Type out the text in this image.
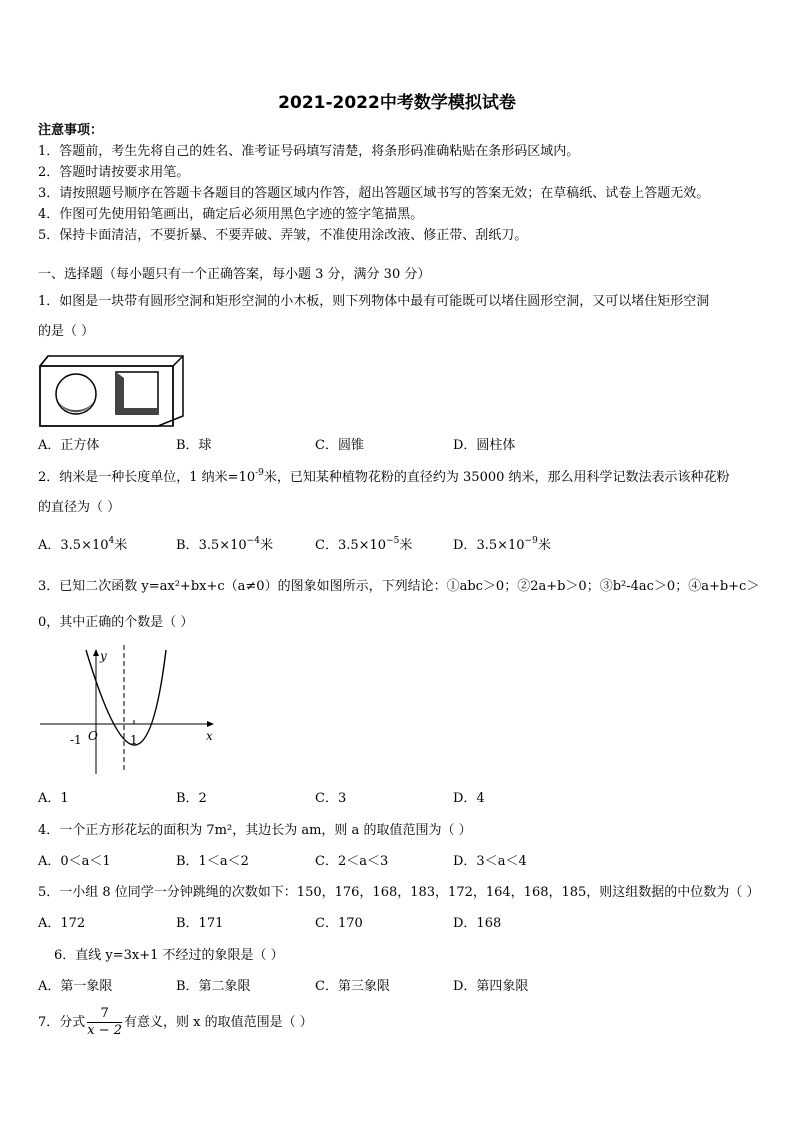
2021-2022中考数学模拟试卷
注意事项：
1．答题前，考生先将自己的姓名、准考证号码填写清楚，将条形码准确粘贴在条形码区域内。
2．答题时请按要求用笔。
3．请按照题号顺序在答题卡各题目的答题区域内作答，超出答题区域书写的答案无效；在草稿纸、试卷上答题无效。
4．作图可先使用铅笔画出，确定后必须用黑色字迹的签字笔描黑。
5．保持卡面清洁，不要折暴、不要弄破、弄皱，不准使用涂改液、修正带、刮纸刀。
一、选择题（每小题只有一个正确答案，每小题 3 分，满分 30 分）
1．如图是一块带有圆形空洞和矩形空洞的小木板，则下列物体中最有可能既可以堵住圆形空洞，又可以堵住矩形空洞
的是（ ）
A．正方体	B．球	C．圆锥	D．圆柱体
2．纳米是一种长度单位，1 纳米$=10^{-9}$米，已知某种植物花粉的直径约为 35000 纳米，那么用科学记数法表示该种花粉
的直径为（ ）
A．$3.5\times 10^4$米	B．$3.5\times 10^{-4}$米	C．$3.5\times 10^{-5}$米	D．$3.5\times 10^{-9}$米
3．已知二次函数 y=ax²+bx+c（a≠0）的图象如图所示，下列结论：①abc＞0；②2a+b＞0；③b²-4ac＞0；④a+b+c＞
0，其中正确的个数是（ ）
y
x
O
-1	1
A．1	B．2	C．3	D．4
4．一个正方形花坛的面积为 7m²，其边长为 am，则 a 的取值范围为（ ）
A．0＜a＜1	B．1＜a＜2	C．2＜a＜3	D．3＜a＜4
5．一小组 8 位同学一分钟跳绳的次数如下：150，176，168，183，172，164，168，185，则这组数据的中位数为（ ）
A．172	B．171	C．170	D．168
6．直线 y=3x+1 不经过的象限是（ ）
A．第一象限	B．第二象限	C．第三象限	D．第四象限
7．分式 $\frac{7}{x - 2}$ 有意义，则 x 的取值范围是（ ）
